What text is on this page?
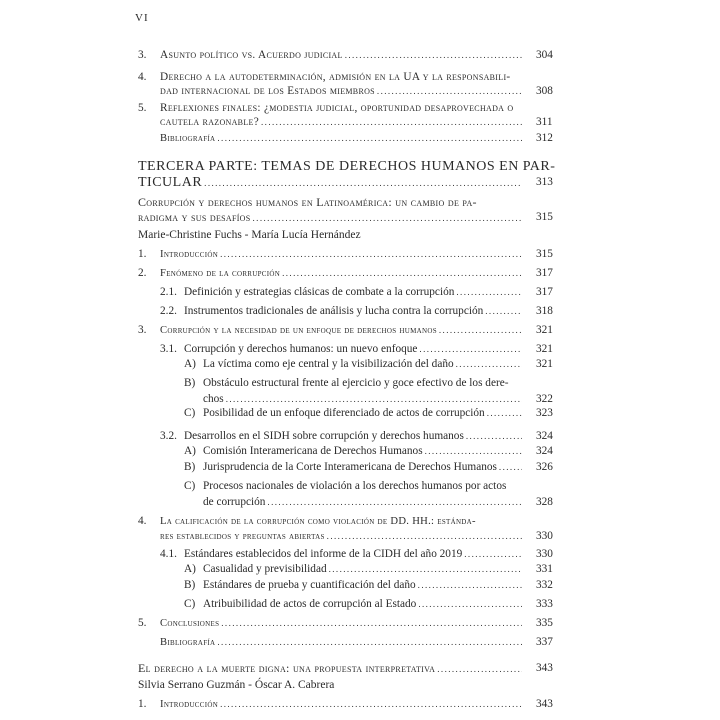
VI
3. Asunto político vs. Acuerdo judicial .....	304
4. Derecho a la autodeterminación, admisión en la UA y la responsabili-
dad internacional de los Estados miembros .....	308
5. Reflexiones finales: ¿modestia judicial, oportunidad desaprovechada o
cautela razonable? .....	311
Bibliografía .....	312
TERCERA PARTE: TEMAS DE DERECHOS HUMANOS EN PAR-
TICULAR .....	313
Corrupción y derechos humanos en Latinoamérica: un cambio de pa-
radigma y sus desafíos .....	315
Marie-Christine Fuchs - María Lucía Hernández
1. Introducción .....	315
2. Fenómeno de la corrupción .....	317
2.1. Definición y estrategias clásicas de combate a la corrupción .....	317
2.2. Instrumentos tradicionales de análisis y lucha contra la corrupción .....	318
3. Corrupción y la necesidad de un enfoque de derechos humanos .....	321
3.1. Corrupción y derechos humanos: un nuevo enfoque .....	321
A) La víctima como eje central y la visibilización del daño .....	321
B) Obstáculo estructural frente al ejercicio y goce efectivo de los dere-
chos .....	322
C) Posibilidad de un enfoque diferenciado de actos de corrupción .....	323
3.2. Desarrollos en el SIDH sobre corrupción y derechos humanos .....	324
A) Comisión Interamericana de Derechos Humanos .....	324
B) Jurisprudencia de la Corte Interamericana de Derechos Humanos .....	326
C) Procesos nacionales de violación a los derechos humanos por actos
de corrupción .....	328
4. La calificación de la corrupción como violación de DD. HH.: estánda-
res establecidos y preguntas abiertas .....	330
4.1. Estándares establecidos del informe de la CIDH del año 2019 .....	330
A) Casualidad y previsibilidad .....	331
B) Estándares de prueba y cuantificación del daño .....	332
C) Atribuibilidad de actos de corrupción al Estado .....	333
5. Conclusiones .....	335
Bibliografía .....	337
El derecho a la muerte digna: una propuesta interpretativa .....	343
Silvia Serrano Guzmán - Óscar A. Cabrera
1. Introducción .....	343
